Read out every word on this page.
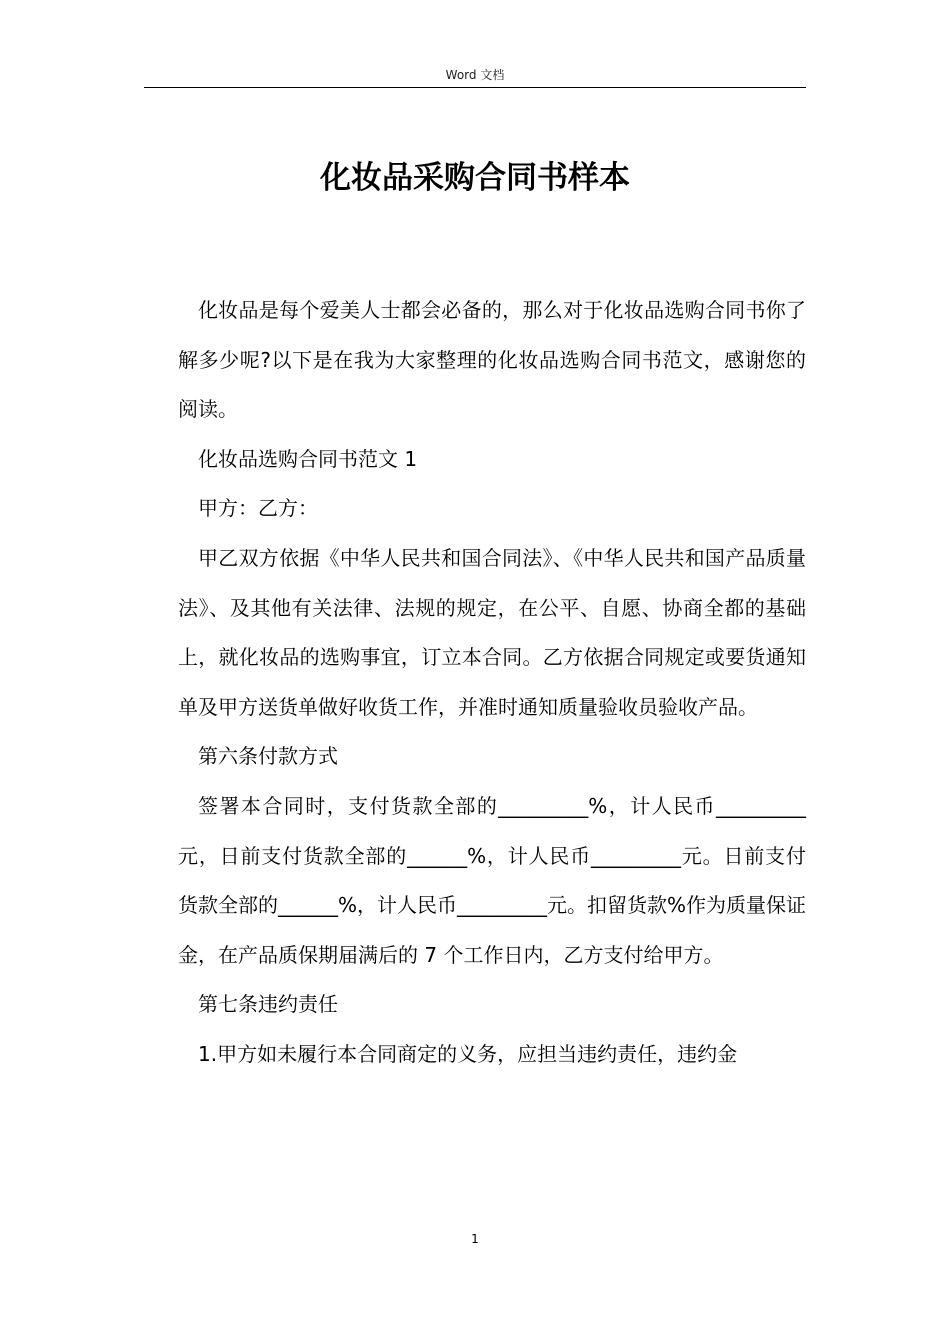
Word 文档
化妆品采购合同书样本

化妆品是每个爱美人士都会必备的，那么对于化妆品选购合同书你了解多少呢?以下是在我为大家整理的化妆品选购合同书范文，感谢您的阅读。

化妆品选购合同书范文 1

甲方：乙方：

甲乙双方依据《中华人民共和国合同法》、《中华人民共和国产品质量法》、及其他有关法律、法规的规定，在公平、自愿、协商全都的基础上，就化妆品的选购事宜，订立本合同。乙方依据合同规定或要货通知单及甲方送货单做好收货工作，并准时通知质量验收员验收产品。

第六条付款方式

签署本合同时，支付货款全部的_________%，计人民币_________元，日前支付货款全部的______%，计人民币_________元。日前支付货款全部的______%，计人民币_________元。扣留货款%作为质量保证金，在产品质保期届满后的 7 个工作日内，乙方支付给甲方。

第七条违约责任

1.甲方如未履行本合同商定的义务，应担当违约责任，违约金

1
